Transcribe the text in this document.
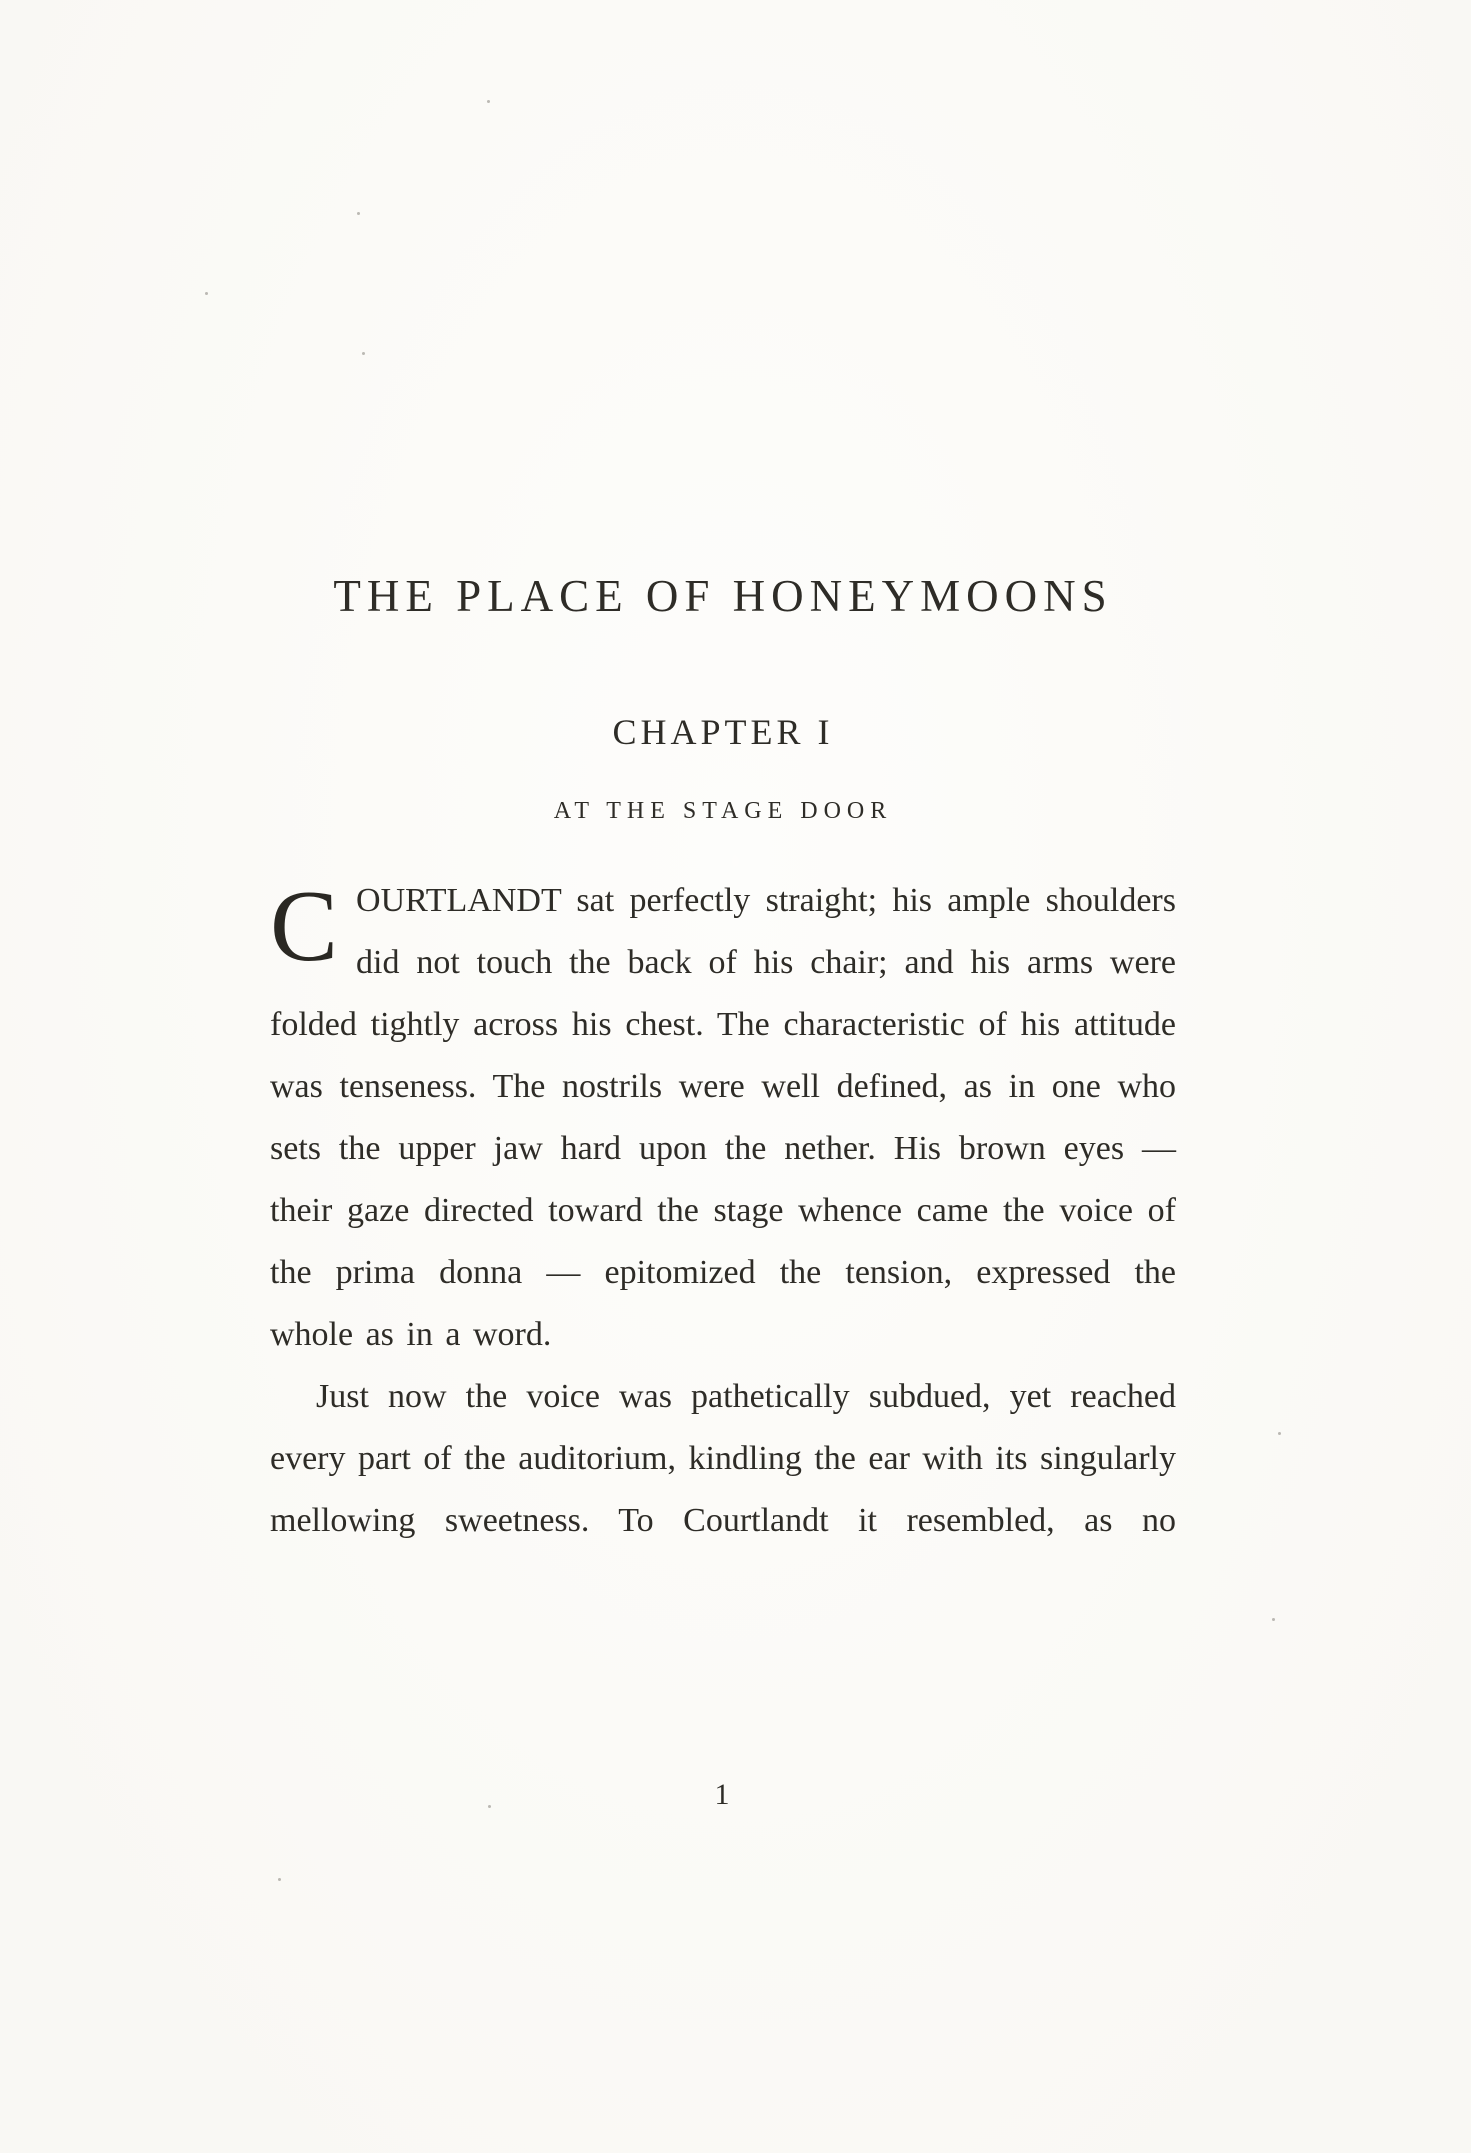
THE PLACE OF HONEYMOONS
CHAPTER I
AT THE STAGE DOOR

COURTLANDT sat perfectly straight; his ample shoulders did not touch the back of his chair; and his arms were folded tightly across his chest. The characteristic of his attitude was tenseness. The nostrils were well defined, as in one who sets the upper jaw hard upon the nether. His brown eyes — their gaze directed toward the stage whence came the voice of the prima donna — epitomized the tension, expressed the whole as in a word.

Just now the voice was pathetically subdued, yet reached every part of the auditorium, kindling the ear with its singularly mellowing sweetness. To Courtlandt it resembled, as no

1
